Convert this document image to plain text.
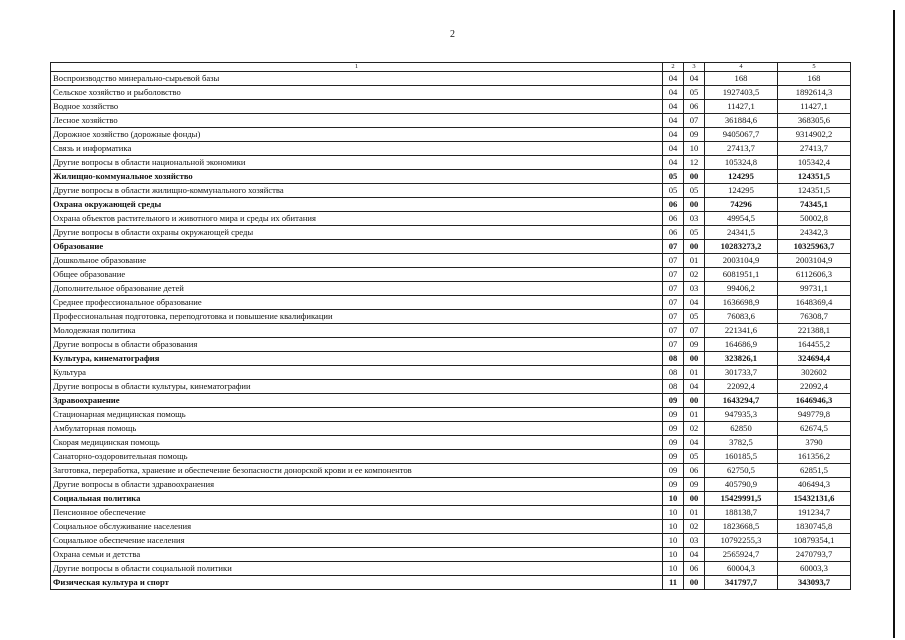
2
1	2	3	4	5
Воспроизводство минерально-сырьевой базы	04	04	168	168
Сельское хозяйство и рыболовство	04	05	1927403,5	1892614,3
Водное хозяйство	04	06	11427,1	11427,1
Лесное хозяйство	04	07	361884,6	368305,6
Дорожное хозяйство (дорожные фонды)	04	09	9405067,7	9314902,2
Связь и информатика	04	10	27413,7	27413,7
Другие вопросы в области национальной экономики	04	12	105324,8	105342,4
Жилищно-коммунальное хозяйство	05	00	124295	124351,5
Другие вопросы в области жилищно-коммунального хозяйства	05	05	124295	124351,5
Охрана окружающей среды	06	00	74296	74345,1
Охрана объектов растительного и животного мира и среды их обитания	06	03	49954,5	50002,8
Другие вопросы в области охраны окружающей среды	06	05	24341,5	24342,3
Образование	07	00	10283273,2	10325963,7
Дошкольное образование	07	01	2003104,9	2003104,9
Общее образование	07	02	6081951,1	6112606,3
Дополнительное образование детей	07	03	99406,2	99731,1
Среднее профессиональное образование	07	04	1636698,9	1648369,4
Профессиональная подготовка, переподготовка и повышение квалификации	07	05	76083,6	76308,7
Молодежная политика	07	07	221341,6	221388,1
Другие вопросы в области образования	07	09	164686,9	164455,2
Культура, кинематография	08	00	323826,1	324694,4
Культура	08	01	301733,7	302602
Другие вопросы в области культуры, кинематографии	08	04	22092,4	22092,4
Здравоохранение	09	00	1643294,7	1646946,3
Стационарная медицинская помощь	09	01	947935,3	949779,8
Амбулаторная помощь	09	02	62850	62674,5
Скорая медицинская помощь	09	04	3782,5	3790
Санаторно-оздоровительная помощь	09	05	160185,5	161356,2
Заготовка, переработка, хранение и обеспечение безопасности донорской крови и ее компонентов	09	06	62750,5	62851,5
Другие вопросы в области здравоохранения	09	09	405790,9	406494,3
Социальная политика	10	00	15429991,5	15432131,6
Пенсионное обеспечение	10	01	188138,7	191234,7
Социальное обслуживание населения	10	02	1823668,5	1830745,8
Социальное обеспечение населения	10	03	10792255,3	10879354,1
Охрана семьи и детства	10	04	2565924,7	2470793,7
Другие вопросы в области социальной политики	10	06	60004,3	60003,3
Физическая культура и спорт	11	00	341797,7	343093,7
